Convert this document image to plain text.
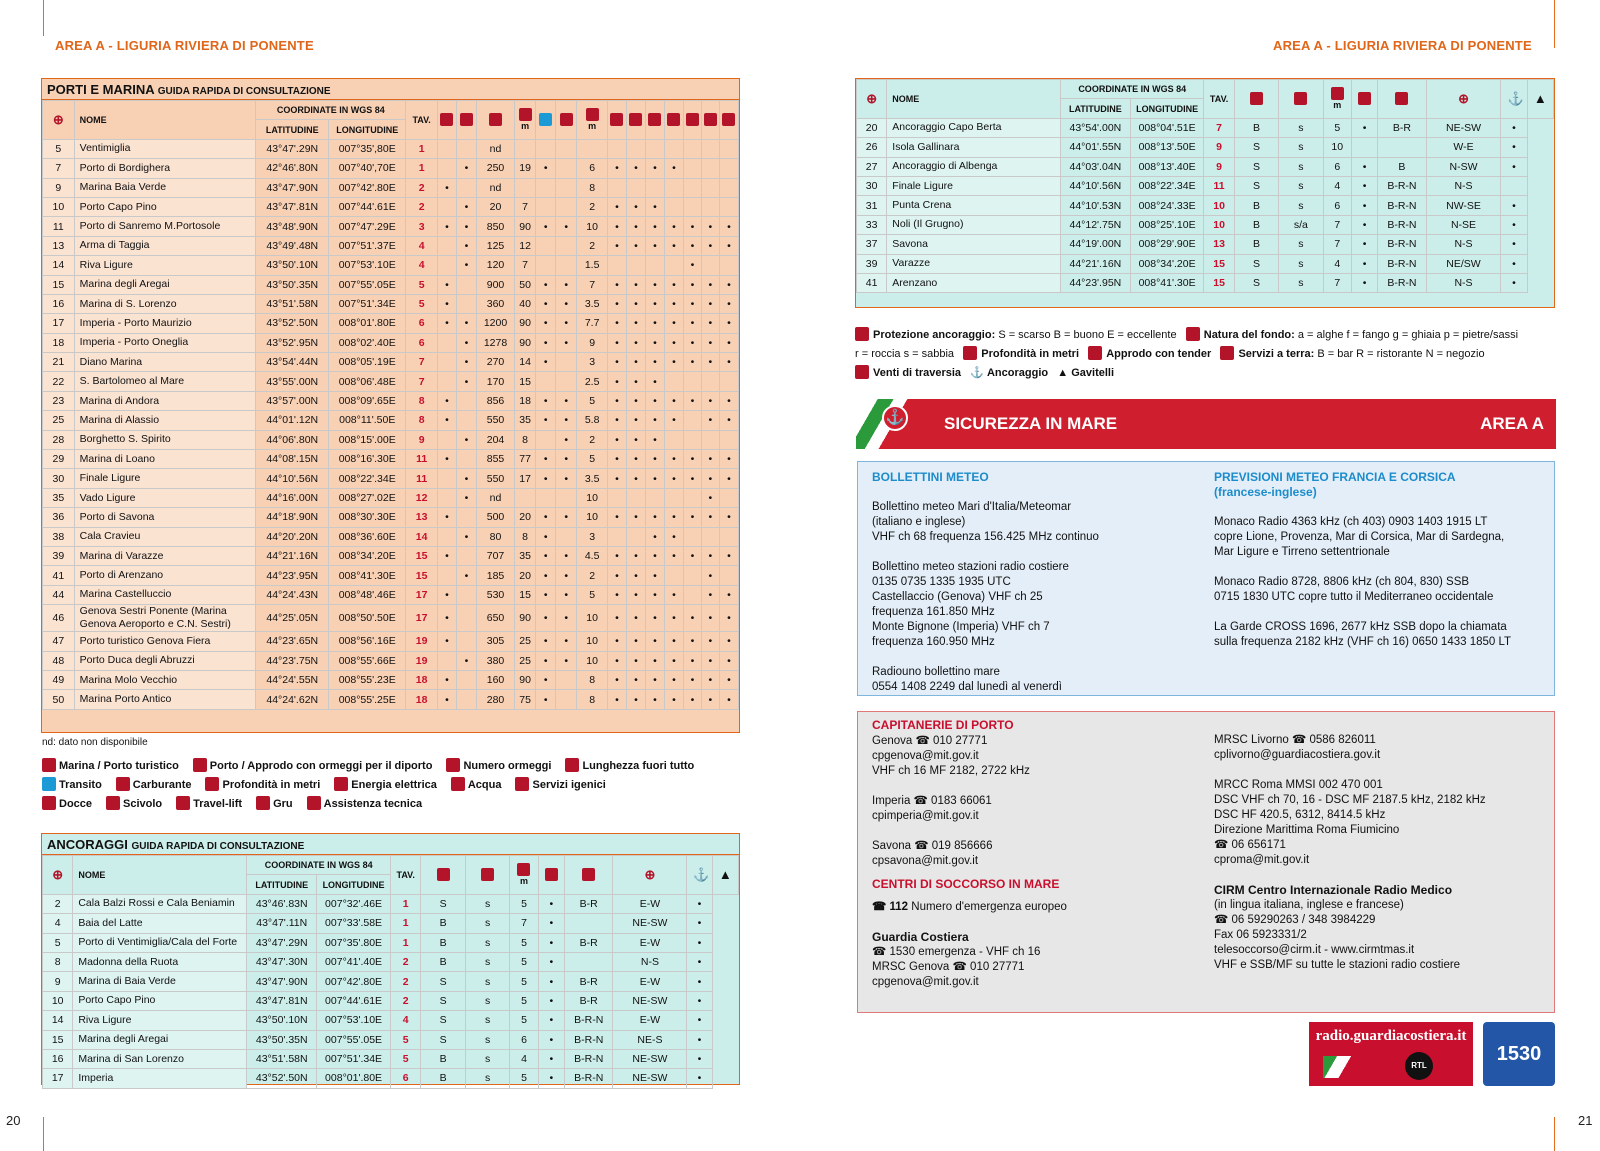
20	21
AREA A - LIGURIA RIVIERA DI PONENTE	AREA A - LIGURIA RIVIERA DI PONENTE
PORTI E MARINA GUIDA RAPIDA DI CONSULTAZIONE
⊕	NOME	COORDINATE IN WGS 84		TAV.				m			m							
		LATITUDINE	LONGITUDINE															
5	Ventimiglia	43°47'.29N	007°35',80E	1			nd											
7	Porto di Bordighera	42°46'.80N	007°40',70E	1		•	250	19	•		6	•	•	•	•			
9	Marina Baia Verde	43°47'.90N	007°42'.80E	2	•		nd				8							
10	Porto Capo Pino	43°47'.81N	007°44'.61E	2		•	20	7			2	•	•	•				
11	Porto di Sanremo M.Portosole	43°48'.90N	007°47'.29E	3	•	•	850	90	•	•	10	•	•	•	•	•	•	•
13	Arma di Taggia	43°49'.48N	007°51'.37E	4		•	125	12			2	•	•	•	•	•	•	•
14	Riva Ligure	43°50'.10N	007°53'.10E	4		•	120	7			1.5					•		
15	Marina degli Aregai	43°50'.35N	007°55'.05E	5	•		900	50	•	•	7	•	•	•	•	•	•	•
16	Marina di S. Lorenzo	43°51'.58N	007°51'.34E	5	•		360	40	•	•	3.5	•	•	•	•	•	•	•
17	Imperia - Porto Maurizio	43°52'.50N	008°01'.80E	6	•	•	1200	90	•	•	7.7	•	•	•	•	•	•	•
18	Imperia - Porto Oneglia	43°52'.95N	008°02'.40E	6		•	1278	90	•	•	9	•	•	•	•	•	•	•
21	Diano Marina	43°54'.44N	008°05'.19E	7		•	270	14	•		3	•	•	•	•	•	•	•
22	S. Bartolomeo al Mare	43°55'.00N	008°06'.48E	7		•	170	15			2.5	•	•	•				
23	Marina di Andora	43°57'.00N	008°09'.65E	8	•		856	18	•	•	5	•	•	•	•	•	•	•
25	Marina di Alassio	44°01'.12N	008°11'.50E	8	•		550	35	•	•	5.8	•	•	•	•		•	•
28	Borghetto S. Spirito	44°06'.80N	008°15'.00E	9		•	204	8		•	2	•	•	•				
29	Marina di Loano	44°08'.15N	008°16'.30E	11	•		855	77	•	•	5	•	•	•	•	•	•	•
30	Finale Ligure	44°10'.56N	008°22'.34E	11		•	550	17	•	•	3.5	•	•	•	•	•	•	•
35	Vado Ligure	44°16'.00N	008°27'.02E	12		•	nd				10						•	
36	Porto di Savona	44°18'.90N	008°30'.30E	13	•		500	20	•	•	10	•	•	•	•	•	•	•
38	Cala Cravieu	44°20'.20N	008°36'.60E	14		•	80	8	•		3			•	•			
39	Marina di Varazze	44°21'.16N	008°34'.20E	15	•		707	35	•	•	4.5	•	•	•	•	•	•	•
41	Porto di Arenzano	44°23'.95N	008°41'.30E	15		•	185	20	•	•	2	•	•	•			•	
44	Marina Castelluccio	44°24'.43N	008°48'.46E	17	•		530	15	•	•	5	•	•	•	•		•	•
46	Genova Sestri Ponente (Marina Genova Aeroporto e C.N. Sestri)	44°25'.05N	008°50'.50E	17	•		650	90	•	•	10	•	•	•	•	•	•	•
47	Porto turistico Genova Fiera	44°23'.65N	008°56'.16E	19	•		305	25	•	•	10	•	•	•	•	•	•	•
48	Porto Duca degli Abruzzi	44°23'.75N	008°55'.66E	19		•	380	25	•	•	10	•	•	•	•	•	•	•
49	Marina Molo Vecchio	44°24'.55N	008°55'.23E	18	•		160	90	•		8	•	•	•	•	•	•	•
50	Marina Porto Antico	44°24'.62N	008°55'.25E	18	•		280	75	•		8	•	•	•	•	•	•	•
nd: dato non disponibile
Marina / Porto turistico	Porto / Approdo con ormeggi per il diporto	Numero ormeggi	Lunghezza fuori tutto
Transito	Carburante	Profondità in metri	Energia elettrica	Acqua	Servizi igenici
Docce	Scivolo	Travel-lift	Gru	Assistenza tecnica
ANCORAGGI GUIDA RAPIDA DI CONSULTAZIONE
⊕	NOME	COORDINATE IN WGS 84		TAV.			m			⊕	⚓	▲
		LATITUDINE	LONGITUDINE									
2	Cala Balzi Rossi e Cala Beniamin	43°46'.83N	007°32'.46E	1	S	s	5	•	B-R	E-W	•	
4	Baia del Latte	43°47'.11N	007°33'.58E	1	B	s	7	•		NE-SW	•	
5	Porto di Ventimiglia/Cala del Forte	43°47'.29N	007°35'.80E	1	B	s	5	•	B-R	E-W	•	
8	Madonna della Ruota	43°47'.30N	007°41'.40E	2	B	s	5	•		N-S	•	
9	Marina di Baia Verde	43°47'.90N	007°42'.80E	2	S	s	5	•	B-R	E-W	•	
10	Porto Capo Pino	43°47'.81N	007°44'.61E	2	S	s	5	•	B-R	NE-SW	•	
14	Riva Ligure	43°50'.10N	007°53'.10E	4	S	s	5	•	B-R-N	E-W	•	
15	Marina degli Aregai	43°50'.35N	007°55'.05E	5	S	s	6	•	B-R-N	NE-S	•	
16	Marina di San Lorenzo	43°51'.58N	007°51'.34E	5	B	s	4	•	B-R-N	NE-SW	•	
17	Imperia	43°52'.50N	008°01'.80E	6	B	s	5	•	B-R-N	NE-SW	•	
⊕	NOME	COORDINATE IN WGS 84		TAV.			m			⊕	⚓	▲
		LATITUDINE	LONGITUDINE									
20	Ancoraggio Capo Berta	43°54'.00N	008°04'.51E	7	B	s	5	•	B-R	NE-SW	•	
26	Isola Gallinara	44°01'.55N	008°13'.50E	9	S	s	10			W-E	•	
27	Ancoraggio di Albenga	44°03'.04N	008°13'.40E	9	S	s	6	•	B	N-SW	•	
30	Finale Ligure	44°10'.56N	008°22'.34E	11	S	s	4	•	B-R-N	N-S		
31	Punta Crena	44°10'.53N	008°24'.33E	10	B	s	6	•	B-R-N	NW-SE	•	
33	Noli (Il Grugno)	44°12'.75N	008°25'.10E	10	B	s/a	7	•	B-R-N	N-SE	•	
37	Savona	44°19'.00N	008°29'.90E	13	B	s	7	•	B-R-N	N-S	•	
39	Varazze	44°21'.16N	008°34'.20E	15	S	s	4	•	B-R-N	NE/SW	•	
41	Arenzano	44°23'.95N	008°41'.30E	15	S	s	7	•	B-R-N	N-S	•	
Protezione ancoraggio: S = scarso B = buono E = eccellente Natura del fondo: a = alghe f = fango g = ghiaia p = pietre/sassi
r = roccia s = sabbia Profondità in metri Approdo con tender Servizi a terra: B = bar R = ristorante N = negozio
Venti di traversia ⚓ Ancoraggio ▲ Gavitelli
⚓ SICUREZZA IN MARE	AREA A
BOLLETTINI METEO

Bollettino meteo Mari d'Italia/Meteomar
(italiano e inglese)
VHF ch 68 frequenza 156.425 MHz continuo

Bollettino meteo stazioni radio costiere
0135 0735 1335 1935 UTC
Castellaccio (Genova) VHF ch 25
frequenza 161.850 MHz
Monte Bignone (Imperia) VHF ch 7
frequenza 160.950 MHz

Radiouno bollettino mare
0554 1408 2249 dal lunedì al venerdì

PREVISIONI METEO FRANCIA E CORSICA
(francese-inglese)

Monaco Radio 4363 kHz (ch 403) 0903 1403 1915 LT
copre Lione, Provenza, Mar di Corsica, Mar di Sardegna,
Mar Ligure e Tirreno settentrionale

Monaco Radio 8728, 8806 kHz (ch 804, 830) SSB
0715 1830 UTC copre tutto il Mediterraneo occidentale

La Garde CROSS 1696, 2677 kHz SSB dopo la chiamata
sulla frequenza 2182 kHz (VHF ch 16) 0650 1433 1850 LT

CAPITANERIE DI PORTO

Genova ☎ 010 27771
cpgenova@mit.gov.it
VHF ch 16 MF 2182, 2722 kHz

Imperia ☎ 0183 66061
cpimperia@mit.gov.it

Savona ☎ 019 856666
cpsavona@mit.gov.it

CENTRI DI SOCCORSO IN MARE
☎ 112 Numero d'emergenza europeo
Guardia Costiera

☎ 1530 emergenza - VHF ch 16
MRSC Genova ☎ 010 27771
cpgenova@mit.gov.it

MRSC Livorno ☎ 0586 826011
cplivorno@guardiacostiera.gov.it

MRCC Roma MMSI 002 470 001
DSC VHF ch 70, 16 - DSC MF 2187.5 kHz, 2182 kHz
DSC HF 420.5, 6312, 8414.5 kHz
Direzione Marittima Roma Fiumicino
☎ 06 656171
cproma@mit.gov.it

CIRM Centro Internazionale Radio Medico

(in lingua italiana, inglese e francese)
☎ 06 59290263 / 348 3984229
Fax 06 5923331/2
telesoccorso@cirm.it - www.cirmtmas.it
VHF e SSB/MF su tutte le stazioni radio costiere

radio.guardiacostiera.it
RTL
1530
